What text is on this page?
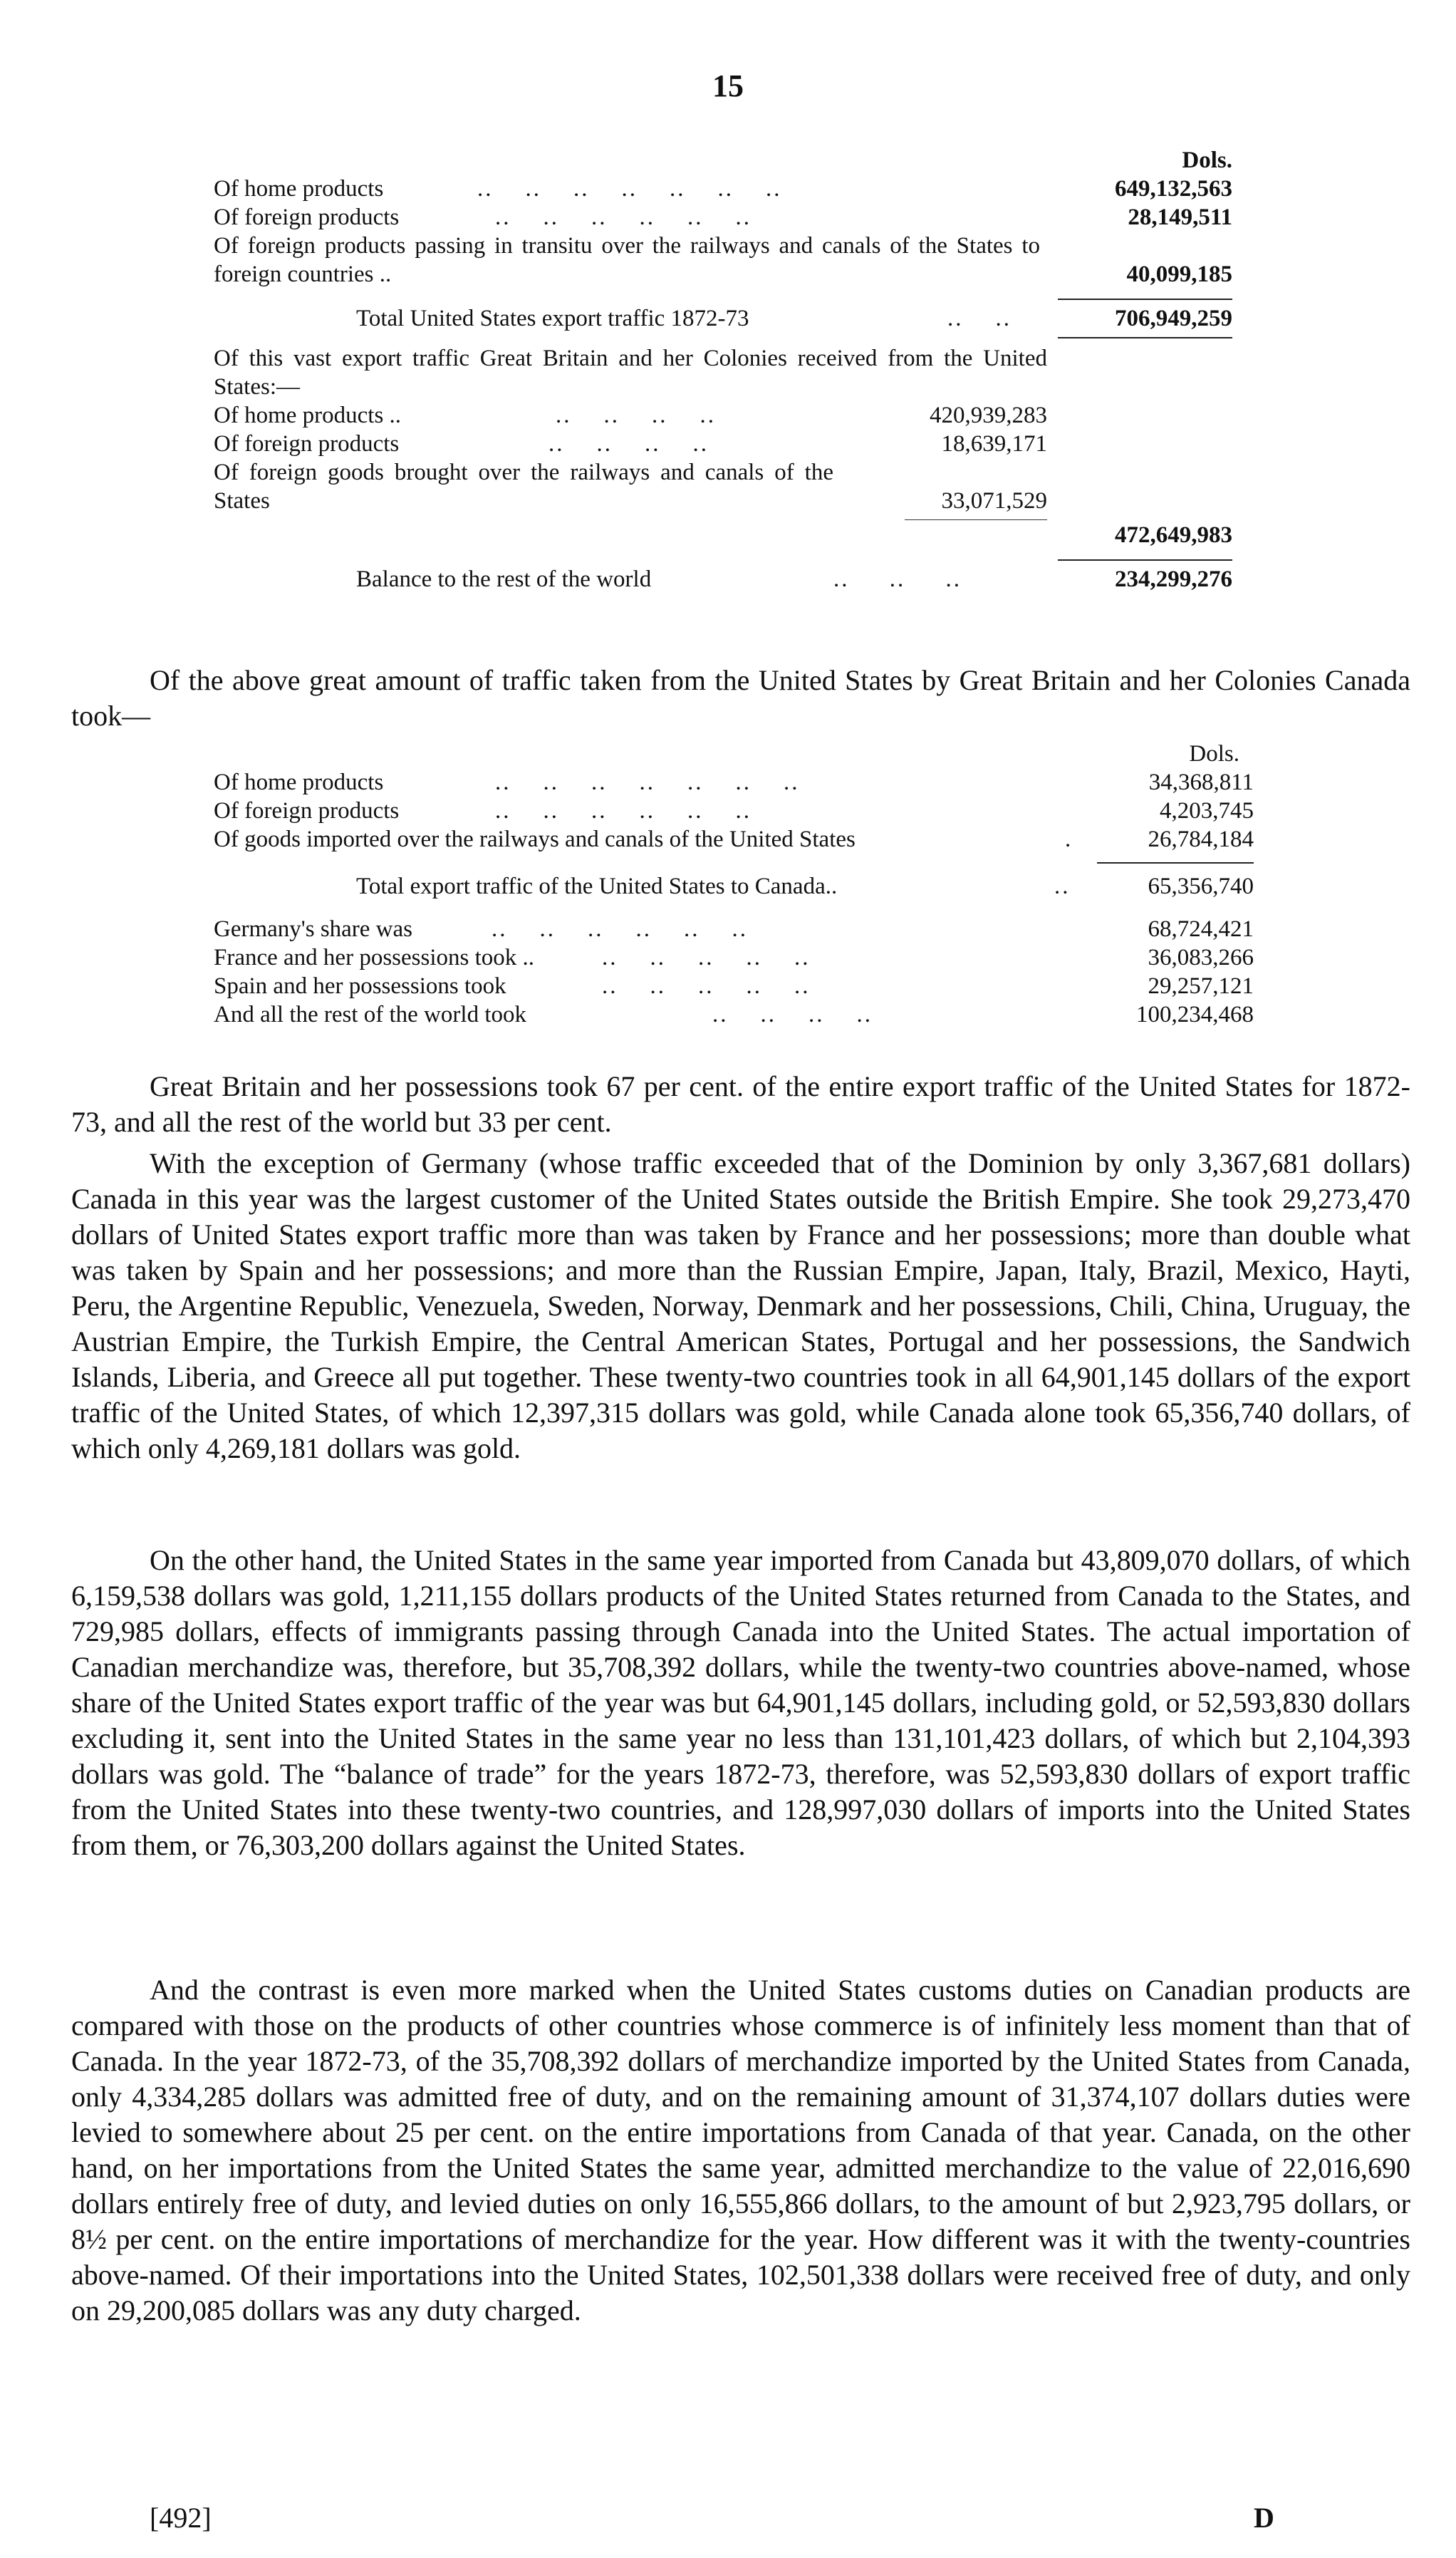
15
Dols.
Of home products	..    ..    ..    ..    ..    ..    ..	649,132,563
Of foreign products	..    ..    ..    ..    ..    ..	28,149,511
Of foreign products passing in transitu over the railways and canals of the States to foreign countries ..	40,099,185
Total United States export traffic 1872-73	..    ..	706,949,259
Of this vast export traffic Great Britain and her Colonies received from the United States:—
Of home products ..	..    ..    ..    ..	420,939,283
Of foreign products	..    ..    ..    ..	18,639,171
Of foreign goods brought over the railways and canals of the States	33,071,529
472,649,983
Balance to the rest of the world	..     ..     ..	234,299,276
Of the above great amount of traffic taken from the United States by Great Britain and her Colonies Canada took—
Dols.
Of home products	..    ..    ..    ..    ..    ..    ..	34,368,811
Of foreign products	..    ..    ..    ..    ..    ..	4,203,745
Of goods imported over the railways and canals of the United States	.	26,784,184
Total export traffic of the United States to Canada..	..	65,356,740
Germany's share was	..    ..    ..    ..    ..    ..	68,724,421
France and her possessions took ..	..    ..    ..    ..    ..	36,083,266
Spain and her possessions took	..    ..    ..    ..    ..	29,257,121
And all the rest of the world took	..    ..    ..    ..	100,234,468
Great Britain and her possessions took 67 per cent. of the entire export traffic of the United States for 1872-73, and all the rest of the world but 33 per cent.
With the exception of Germany (whose traffic exceeded that of the Dominion by only 3,367,681 dollars) Canada in this year was the largest customer of the United States outside the British Empire. She took 29,273,470 dollars of United States export traffic more than was taken by France and her possessions; more than double what was taken by Spain and her possessions; and more than the Russian Empire, Japan, Italy, Brazil, Mexico, Hayti, Peru, the Argentine Republic, Venezuela, Sweden, Norway, Denmark and her possessions, Chili, China, Uruguay, the Austrian Empire, the Turkish Empire, the Central American States, Portugal and her possessions, the Sandwich Islands, Liberia, and Greece all put together. These twenty-two countries took in all 64,901,145 dollars of the export traffic of the United States, of which 12,397,315 dollars was gold, while Canada alone took 65,356,740 dollars, of which only 4,269,181 dollars was gold.
On the other hand, the United States in the same year imported from Canada but 43,809,070 dollars, of which 6,159,538 dollars was gold, 1,211,155 dollars products of the United States returned from Canada to the States, and 729,985 dollars, effects of immigrants passing through Canada into the United States. The actual importation of Canadian merchandize was, therefore, but 35,708,392 dollars, while the twenty-two countries above-named, whose share of the United States export traffic of the year was but 64,901,145 dollars, including gold, or 52,593,830 dollars excluding it, sent into the United States in the same year no less than 131,101,423 dollars, of which but 2,104,393 dollars was gold. The “balance of trade” for the years 1872-73, therefore, was 52,593,830 dollars of export traffic from the United States into these twenty-two countries, and 128,997,030 dollars of imports into the United States from them, or 76,303,200 dollars against the United States.
And the contrast is even more marked when the United States customs duties on Canadian products are compared with those on the products of other countries whose commerce is of infinitely less moment than that of Canada. In the year 1872-73, of the 35,708,392 dollars of merchandize imported by the United States from Canada, only 4,334,285 dollars was admitted free of duty, and on the remaining amount of 31,374,107 dollars duties were levied to somewhere about 25 per cent. on the entire importations from Canada of that year. Canada, on the other hand, on her importations from the United States the same year, admitted merchandize to the value of 22,016,690 dollars entirely free of duty, and levied duties on only 16,555,866 dollars, to the amount of but 2,923,795 dollars, or 8½ per cent. on the entire importations of merchandize for the year. How different was it with the twenty-countries above-named. Of their importations into the United States, 102,501,338 dollars were received free of duty, and only on 29,200,085 dollars was any duty charged.
[492]	D
